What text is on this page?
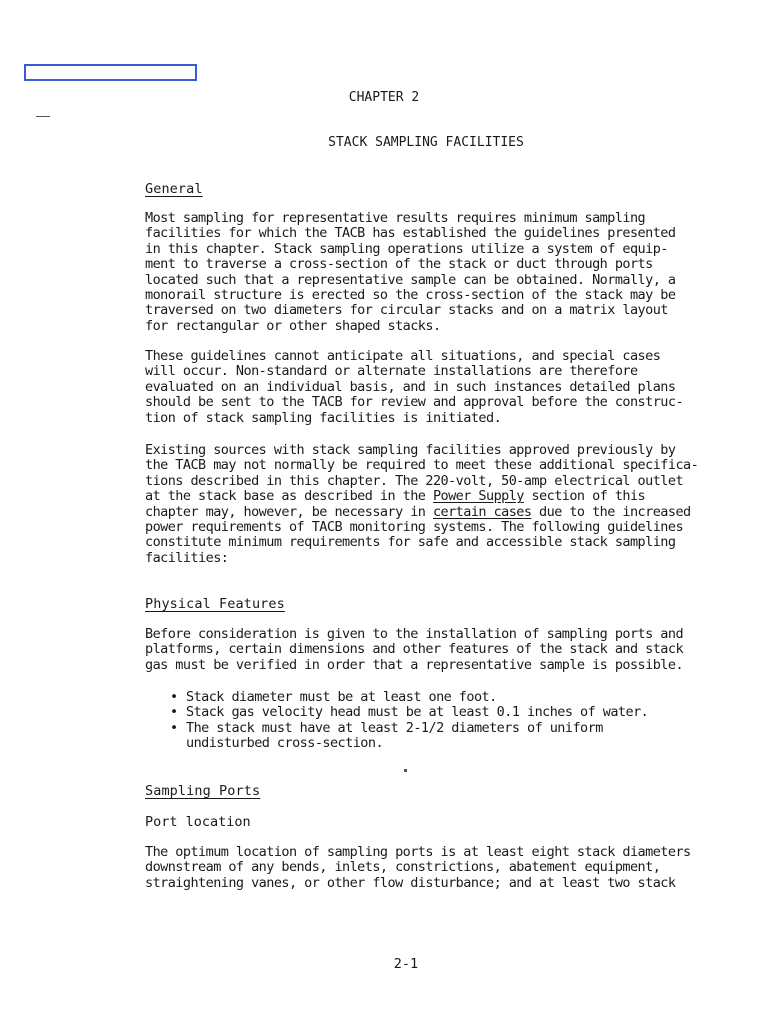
CHAPTER 2
STACK SAMPLING FACILITIES
General

Most sampling for representative results requires minimum sampling
facilities for which the TACB has established the guidelines presented
in this chapter. Stack sampling operations utilize a system of equip-
ment to traverse a cross-section of the stack or duct through ports
located such that a representative sample can be obtained. Normally, a
monorail structure is erected so the cross-section of the stack may be
traversed on two diameters for circular stacks and on a matrix layout
for rectangular or other shaped stacks.

These guidelines cannot anticipate all situations, and special cases
will occur. Non-standard or alternate installations are therefore
evaluated on an individual basis, and in such instances detailed plans
should be sent to the TACB for review and approval before the construc-
tion of stack sampling facilities is initiated.

Existing sources with stack sampling facilities approved previously by
the TACB may not normally be required to meet these additional specifica-
tions described in this chapter. The 220-volt, 50-amp electrical outlet
at the stack base as described in the Power Supply section of this
chapter may, however, be necessary in certain cases due to the increased
power requirements of TACB monitoring systems. The following guidelines
constitute minimum requirements for safe and accessible stack sampling
facilities:

Physical Features

Before consideration is given to the installation of sampling ports and
platforms, certain dimensions and other features of the stack and stack
gas must be verified in order that a representative sample is possible.

• Stack diameter must be at least one foot.
• Stack gas velocity head must be at least 0.1 inches of water.
• The stack must have at least 2-1/2 diameters of uniform
undisturbed cross-section.
Sampling Ports
Port location

The optimum location of sampling ports is at least eight stack diameters
downstream of any bends, inlets, constrictions, abatement equipment,
straightening vanes, or other flow disturbance; and at least two stack

2-1
